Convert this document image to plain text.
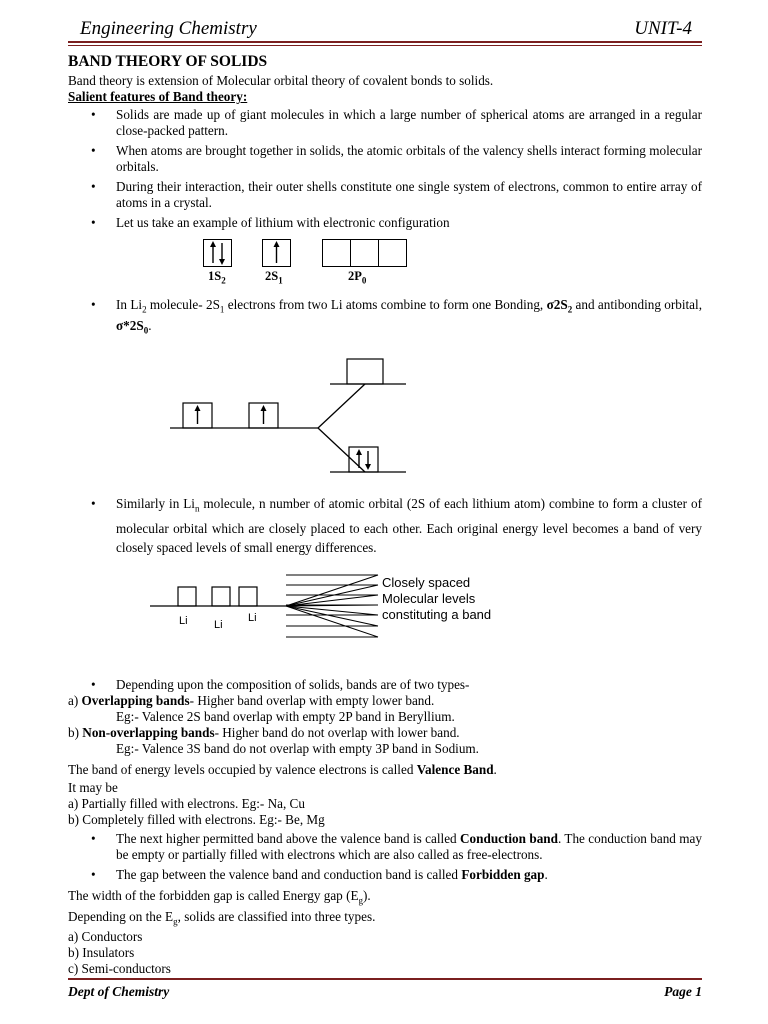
Engineering Chemistry	UNIT-4

BAND THEORY OF SOLIDS

Band theory is extension of Molecular orbital theory of covalent bonds to solids.

Salient features of Band theory:

• Solids are made up of giant molecules in which a large number of spherical atoms are arranged in a regular close-packed pattern.

• When atoms are brought together in solids, the atomic orbitals of the valency shells interact forming molecular orbitals.

• During their interaction, their outer shells constitute one single system of electrons, common to entire array of atoms in a crystal.

• Let us take an example of lithium with electronic configuration

$1S_2$	$2S_1$	$2P_0$

• In $Li_2$ molecule- $2S_1$ electrons from two Li atoms combine to form one Bonding, $\sigma 2S_2$ and antibonding orbital, $\sigma*2S_0$.

• Similarly in $Li_n$ molecule, n number of atomic orbital (2S of each lithium atom) combine to form a cluster of molecular orbital which are closely placed to each other. Each original energy level becomes a band of very closely spaced levels of small energy differences.

Li Li
Li
Closely spaced
Molecular levels
constituting a band

• Depending upon the composition of solids, bands are of two types-

a) Overlapping bands- Higher band overlap with empty lower band.

Eg:- Valence 2S band overlap with empty 2P band in Beryllium.

b) Non-overlapping bands- Higher band do not overlap with lower band.

Eg:- Valence 3S band do not overlap with empty 3P band in Sodium.

The band of energy levels occupied by valence electrons is called Valence Band.

It may be

a) Partially filled with electrons. Eg:- Na, Cu

b) Completely filled with electrons. Eg:- Be, Mg

• The next higher permitted band above the valence band is called Conduction band. The conduction band may be empty or partially filled with electrons which are also called as free-electrons.

• The gap between the valence band and conduction band is called Forbidden gap.

The width of the forbidden gap is called Energy gap $(E_g)$.

Depending on the $E_g$, solids are classified into three types.

a) Conductors

b) Insulators

c) Semi-conductors

Dept of Chemistry	Page 1
